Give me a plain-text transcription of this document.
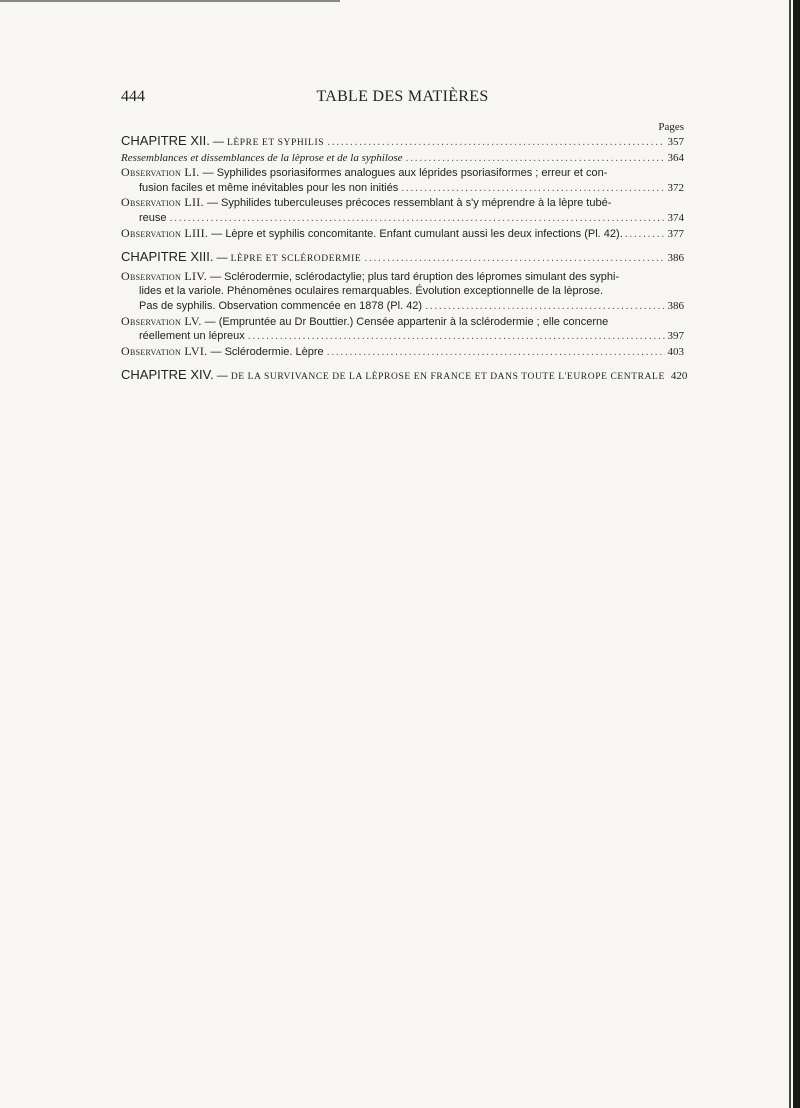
444	TABLE DES MATIÈRES
Pages
CHAPITRE XII. — LÈPRE ET SYPHILIS .....	357
Ressemblances et dissemblances de la lèprose et de la syphilose .....	364
Observation LI. — Syphilides psoriasiformes analogues aux léprides psoriasiformes ; erreur et con-
fusion faciles et même inévitables pour les non initiés .....	372
Observation LII. — Syphilides tuberculeuses précoces ressemblant à s'y méprendre à la lèpre tubé-
reuse .....	374
Observation LIII. — Lèpre et syphilis concomitante. Enfant cumulant aussi les deux infections (Pl. 42). .....	377
CHAPITRE XIII. — LÈPRE ET SCLÉRODERMIE .....	386
Observation LIV. — Sclérodermie, sclérodactylie; plus tard éruption des lépromes simulant des syphi-
lides et la variole. Phénomènes oculaires remarquables. Évolution exceptionnelle de la lèprose.
Pas de syphilis. Observation commencée en 1878 (Pl. 42) .....	386
Observation LV. — (Empruntée au Dr Bouttier.) Censée appartenir à la sclérodermie ; elle concerne
réellement un lépreux .....	397
Observation LVI. — Sclérodermie. Lèpre .....	403
CHAPITRE XIV. — DE LA SURVIVANCE DE LA LÈPROSE EN FRANCE ET DANS TOUTE L'EUROPE CENTRALE 420
